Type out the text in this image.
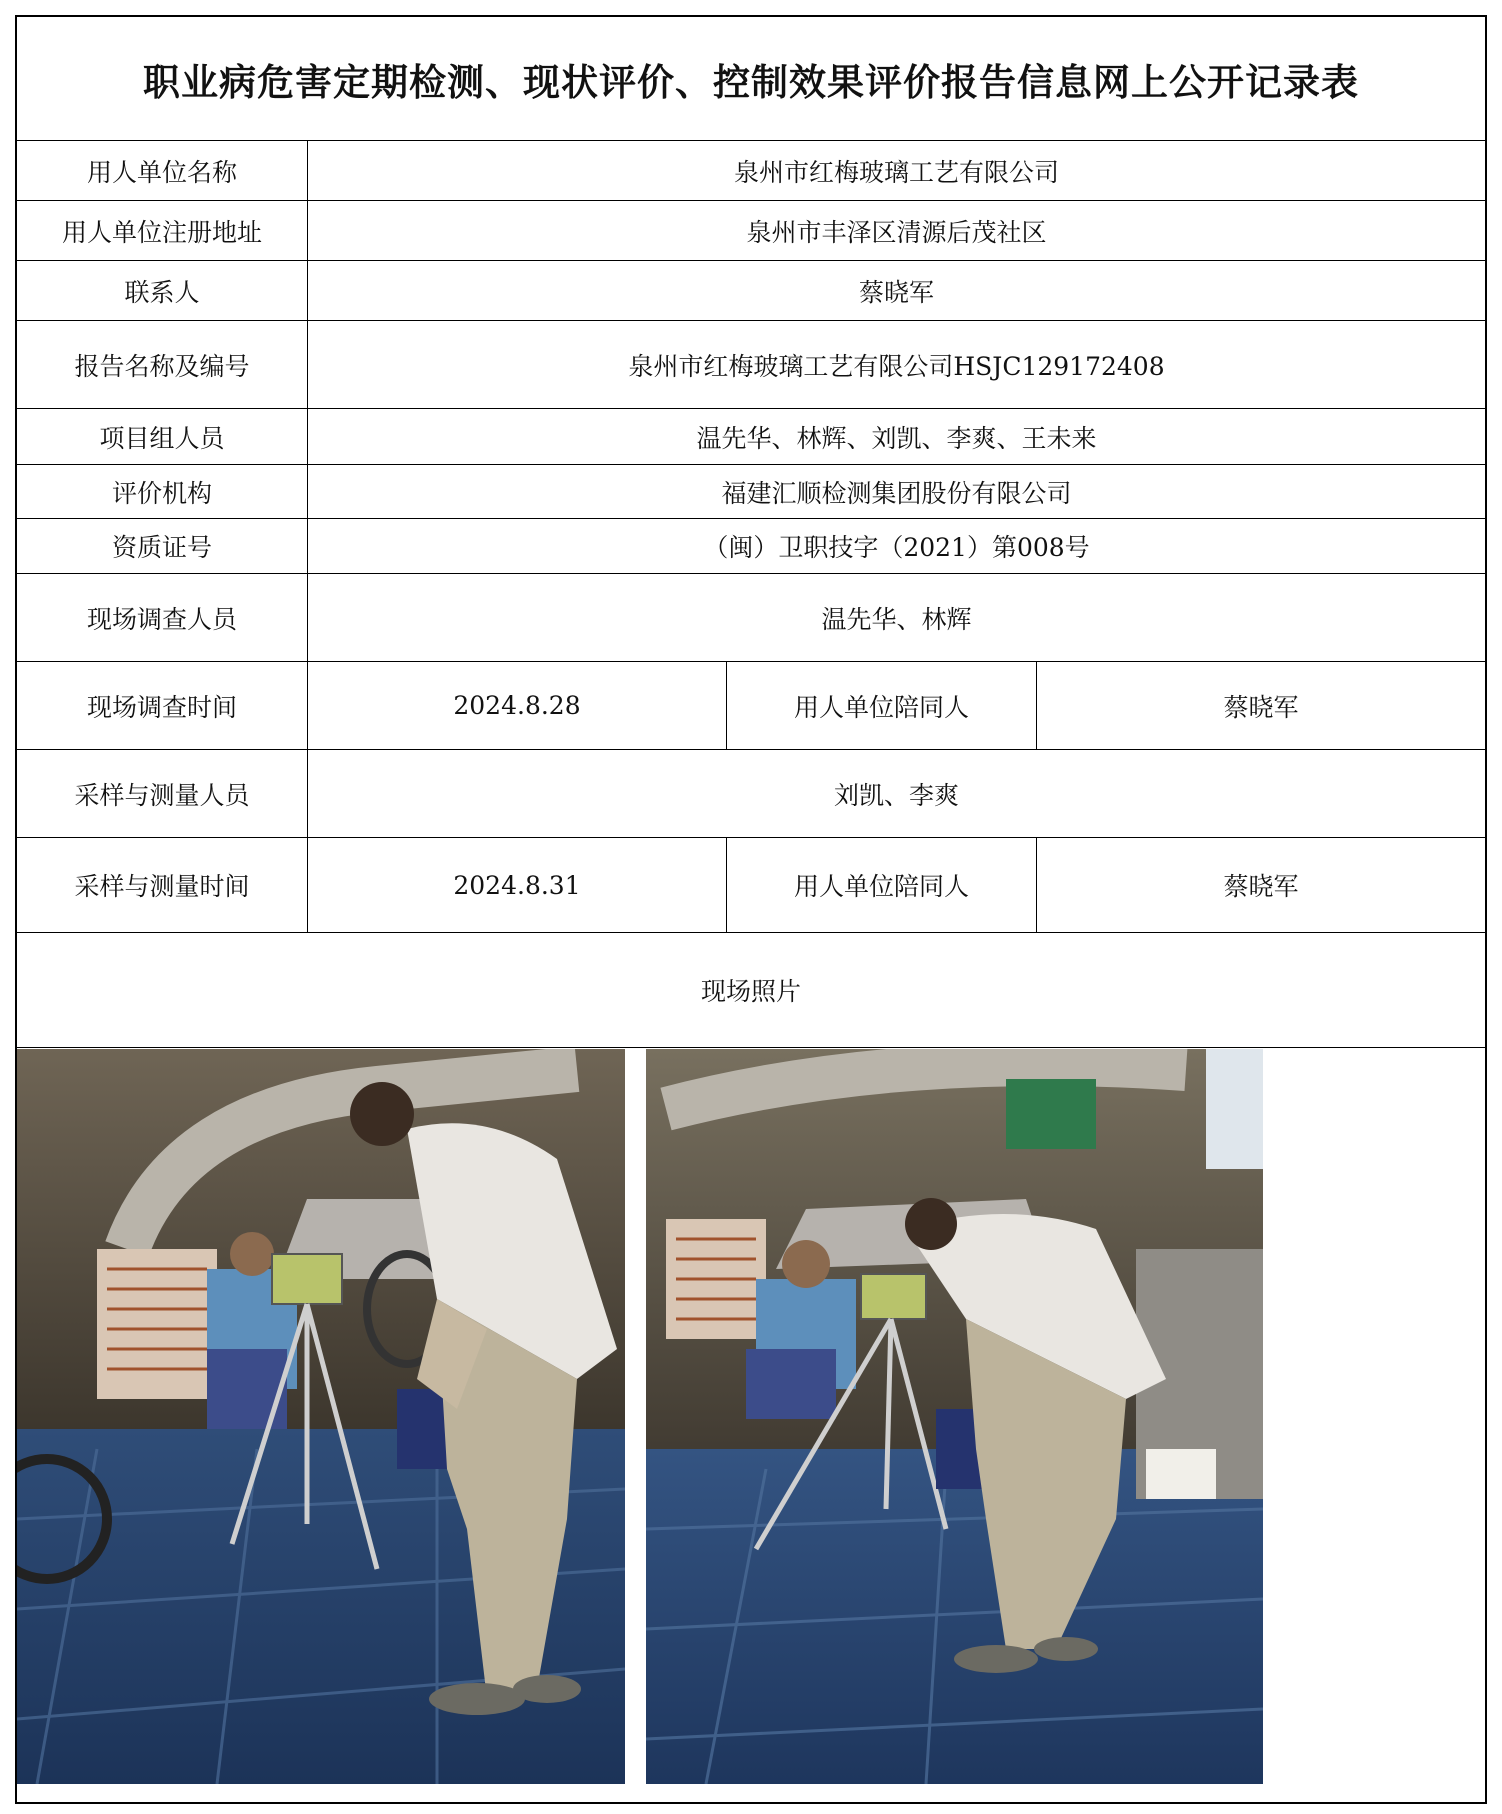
职业病危害定期检测、现状评价、控制效果评价报告信息网上公开记录表
用人单位名称	泉州市红梅玻璃工艺有限公司
用人单位注册地址	泉州市丰泽区清源后茂社区
联系人	蔡晓军
报告名称及编号	泉州市红梅玻璃工艺有限公司HSJC129172408
项目组人员	温先华、林辉、刘凯、李爽、王未来
评价机构	福建汇顺检测集团股份有限公司
资质证号	（闽）卫职技字（2021）第008号
现场调查人员	温先华、林辉
现场调查时间	2024.8.28	用人单位陪同人	蔡晓军
采样与测量人员	刘凯、李爽
采样与测量时间	2024.8.31	用人单位陪同人	蔡晓军
现场照片
